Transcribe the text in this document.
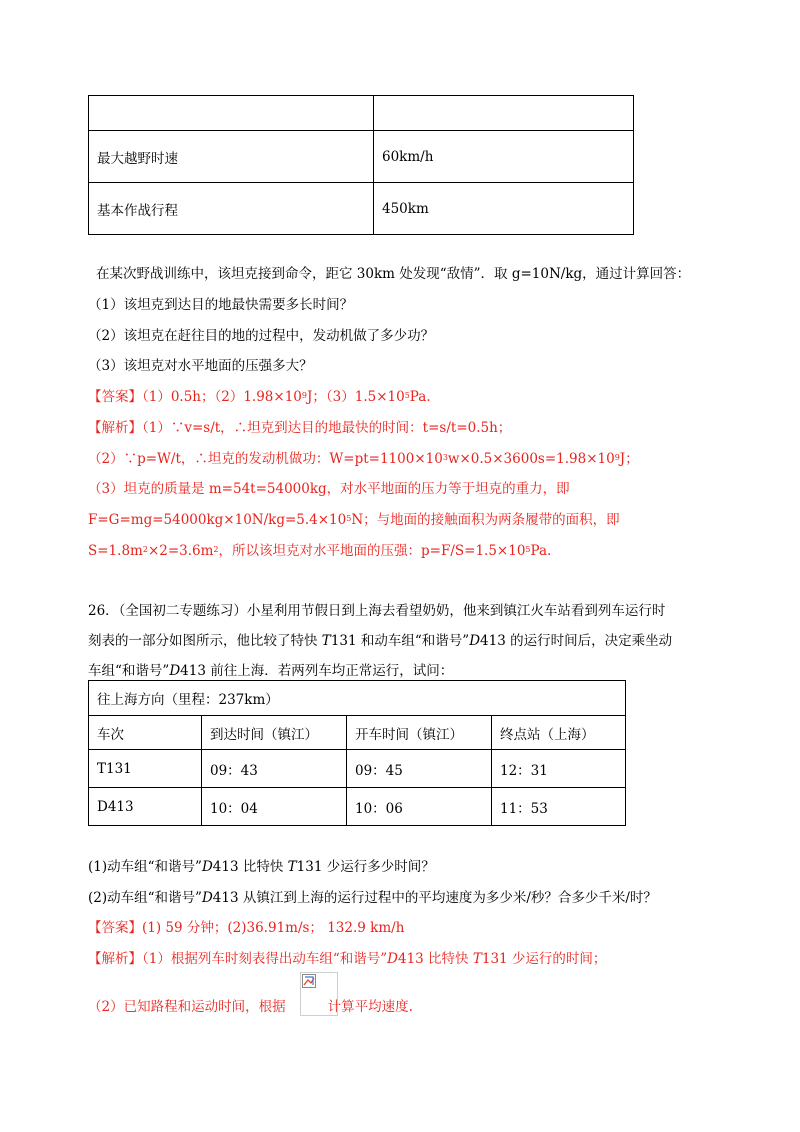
最大越野时速	60km/h
基本作战行程	450km
在某次野战训练中，该坦克接到命令，距它 30km 处发现“敌情”．取 g=10N/kg，通过计算回答：
（1）该坦克到达目的地最快需要多长时间？
（2）该坦克在赶往目的地的过程中，发动机做了多少功？
（3）该坦克对水平地面的压强多大？
【答案】（1）0.5h；$(2)1.98\times 10^9J$；$(3)1.5\times 10^5Pa$.
【解析】（1）∵v=s/t，∴坦克到达目的地最快的时间：t=s/t=0.5h；
（2）∵p=W/t，∴坦克的发动机做功：$W=pt=1100\times 10^3w\times 0.5\times 3600s=1.98\times 10^9J$；
（3）坦克的质量是 m=54t=54000kg，对水平地面的压力等于坦克的重力，即
$F=G=mg=54000kg\times 10N/kg=5.4\times 10^5N$；与地面的接触面积为两条履带的面积，即
$S=1.8m^2\times 2=3.6m^2$，所以该坦克对水平地面的压强：$p=F/S=1.5\times 10^5Pa$.
26．（全国初二专题练习）小星利用节假日到上海去看望奶奶，他来到镇江火车站看到列车运行时
刻表的一部分如图所示，他比较了特快 T131 和动车组“和谐号”D413 的运行时间后，决定乘坐动
车组“和谐号”D413 前往上海．若两列车均正常运行，试问：
往上海方向（里程：237km）			
车次	到达时间（镇江）	开车时间（镇江）	终点站（上海）
T131	09：43	09：45	12：31
D413	10：04	10：06	11：53
(1)动车组“和谐号”D413 比特快 T131 少运行多少时间？
(2)动车组“和谐号”D413 从镇江到上海的运行过程中的平均速度为多少米/秒？合多少千米/时？
【答案】(1) 59 分钟；(2)36.91m/s； 132.9 km/h
【解析】（1）根据列车时刻表得出动车组“和谐号”D413 比特快 T131 少运行的时间；
（2）已知路程和运动时间，根据	计算平均速度.
